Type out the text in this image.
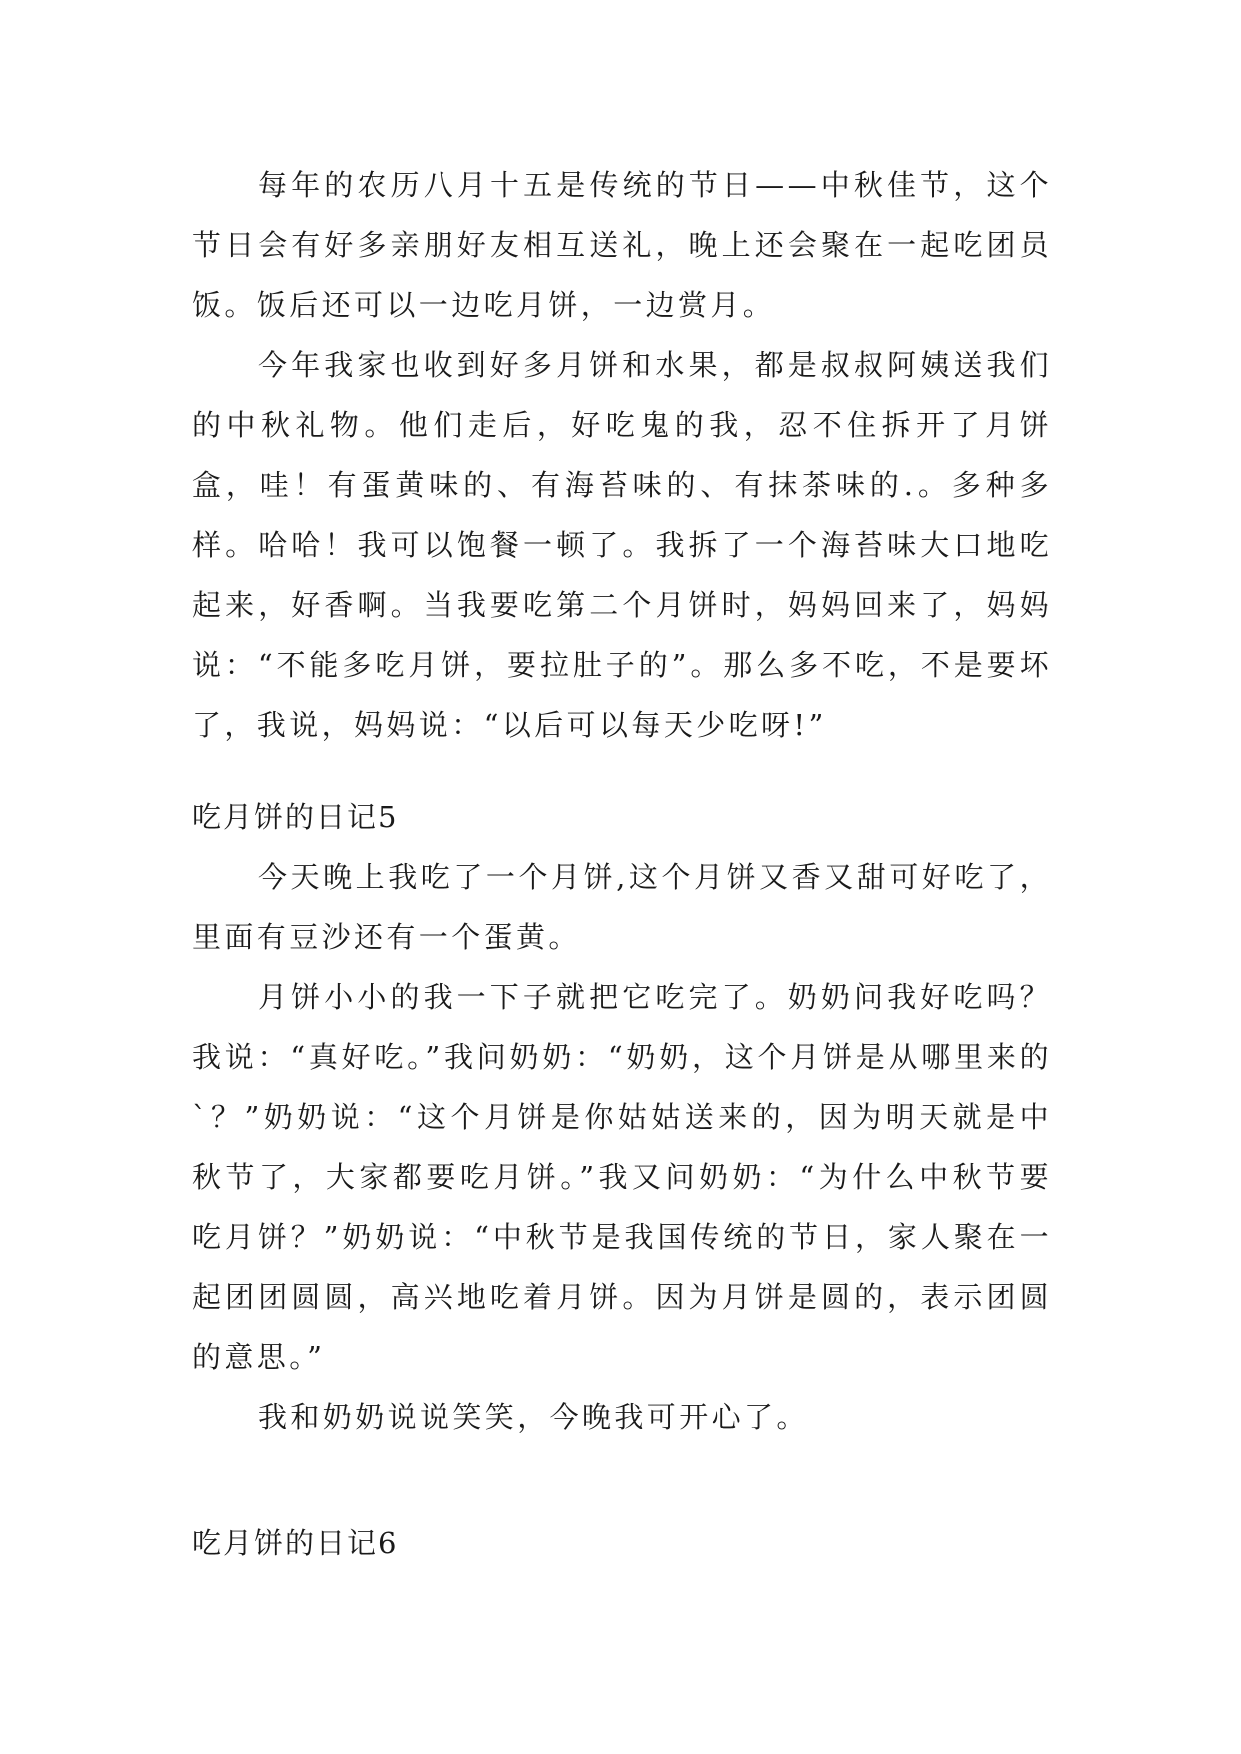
每年的农历八月十五是传统的节日——中秋佳节，这个节日会有好多亲朋好友相互送礼，晚上还会聚在一起吃团员饭。饭后还可以一边吃月饼，一边赏月。

今年我家也收到好多月饼和水果，都是叔叔阿姨送我们的中秋礼物。他们走后，好吃鬼的我，忍不住拆开了月饼盒，哇！有蛋黄味的、有海苔味的、有抹茶味的.。多种多样。哈哈！我可以饱餐一顿了。我拆了一个海苔味大口地吃起来，好香啊。当我要吃第二个月饼时，妈妈回来了，妈妈说：“不能多吃月饼，要拉肚子的”。那么多不吃，不是要坏了，我说，妈妈说：“以后可以每天少吃呀!”

吃月饼的日记5

今天晚上我吃了一个月饼,这个月饼又香又甜可好吃了，里面有豆沙还有一个蛋黄。

月饼小小的我一下子就把它吃完了。奶奶问我好吃吗？我说：“真好吃。”我问奶奶：“奶奶，这个月饼是从哪里来的`？”奶奶说：“这个月饼是你姑姑送来的，因为明天就是中秋节了，大家都要吃月饼。”我又问奶奶：“为什么中秋节要吃月饼？”奶奶说：“中秋节是我国传统的节日，家人聚在一起团团圆圆，高兴地吃着月饼。因为月饼是圆的，表示团圆的意思。”

我和奶奶说说笑笑，今晚我可开心了。

吃月饼的日记6
